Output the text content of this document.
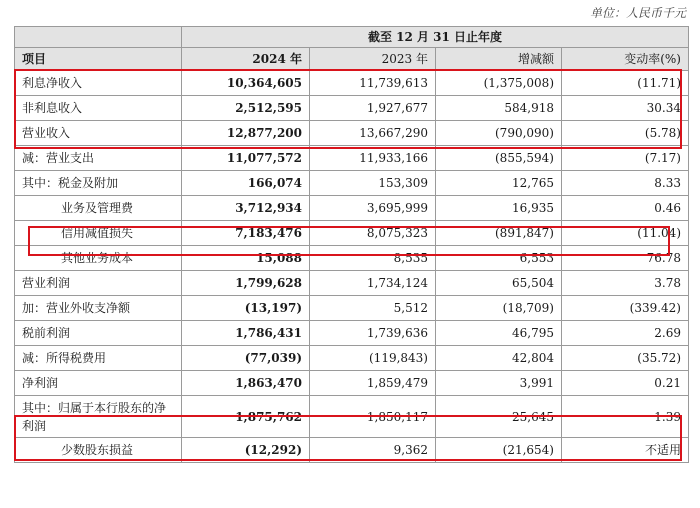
单位：人民币千元
	截至 12 月 31 日止年度			
项目	2024 年	2023 年	增减额	变动率(%)
利息净收入	10,364,605	11,739,613	(1,375,008)	(11.71)
非利息收入	2,512,595	1,927,677	584,918	30.34
营业收入	12,877,200	13,667,290	(790,090)	(5.78)
减：营业支出	11,077,572	11,933,166	(855,594)	(7.17)
其中：税金及附加	166,074	153,309	12,765	8.33
业务及管理费	3,712,934	3,695,999	16,935	0.46
信用减值损失	7,183,476	8,075,323	(891,847)	(11.04)
其他业务成本	15,088	8,535	6,553	76.78
营业利润	1,799,628	1,734,124	65,504	3.78
加：营业外收支净额	(13,197)	5,512	(18,709)	(339.42)
税前利润	1,786,431	1,739,636	46,795	2.69
减：所得税费用	(77,039)	(119,843)	42,804	(35.72)
净利润	1,863,470	1,859,479	3,991	0.21
其中：归属于本行股东的净利润	1,875,762	1,850,117	25,645	1.39
少数股东损益	(12,292)	9,362	(21,654)	不适用
